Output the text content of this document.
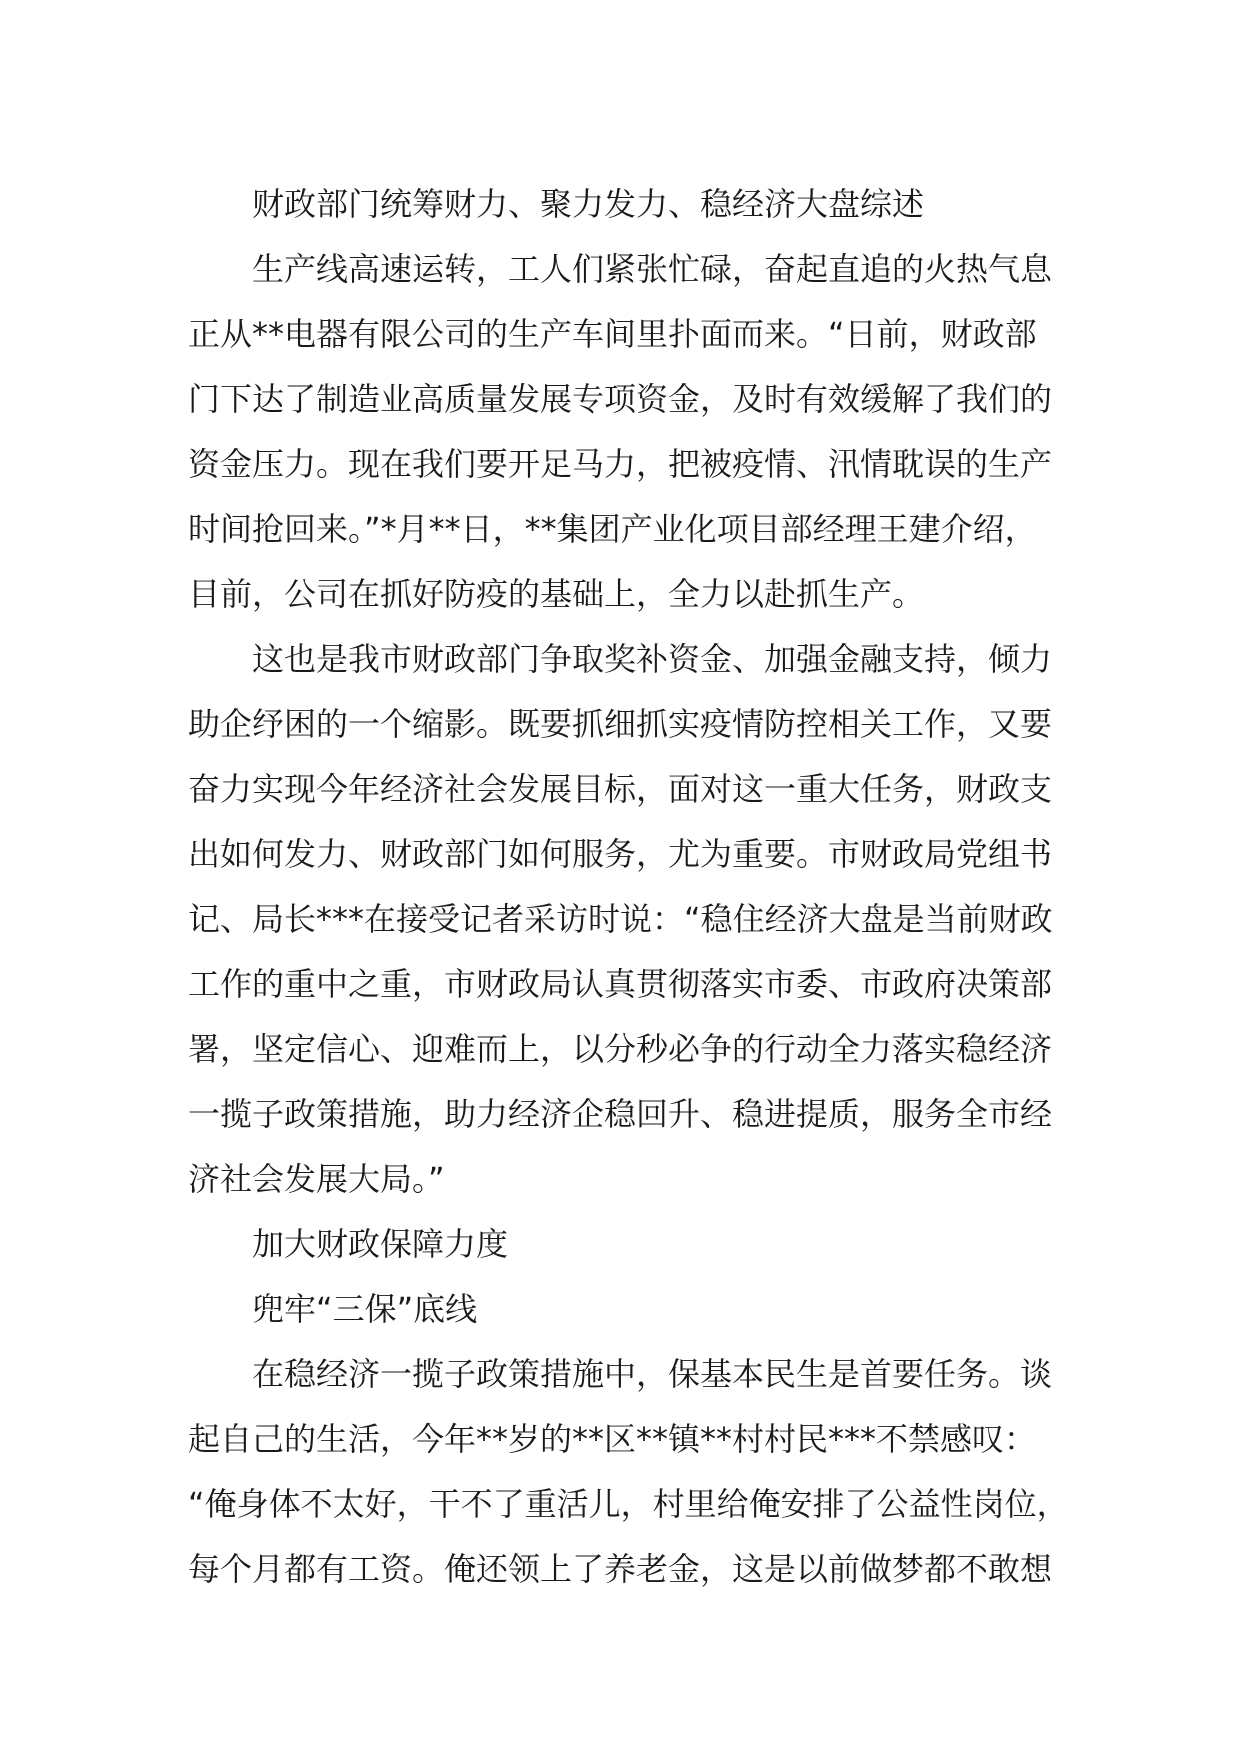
财政部门统筹财力、聚力发力、稳经济大盘综述
生产线高速运转，工人们紧张忙碌，奋起直追的火热气息
正从**电器有限公司的生产车间里扑面而来。“日前，财政部
门下达了制造业高质量发展专项资金，及时有效缓解了我们的
资金压力。现在我们要开足马力，把被疫情、汛情耽误的生产
时间抢回来。”*月**日，**集团产业化项目部经理王建介绍，
目前，公司在抓好防疫的基础上，全力以赴抓生产。
这也是我市财政部门争取奖补资金、加强金融支持，倾力
助企纾困的一个缩影。既要抓细抓实疫情防控相关工作，又要
奋力实现今年经济社会发展目标，面对这一重大任务，财政支
出如何发力、财政部门如何服务，尤为重要。市财政局党组书
记、局长***在接受记者采访时说：“稳住经济大盘是当前财政
工作的重中之重，市财政局认真贯彻落实市委、市政府决策部
署，坚定信心、迎难而上，以分秒必争的行动全力落实稳经济
一揽子政策措施，助力经济企稳回升、稳进提质，服务全市经
济社会发展大局。”
加大财政保障力度
兜牢“三保”底线
在稳经济一揽子政策措施中，保基本民生是首要任务。谈
起自己的生活，今年**岁的**区**镇**村村民***不禁感叹：
“俺身体不太好，干不了重活儿，村里给俺安排了公益性岗位，
每个月都有工资。俺还领上了养老金，这是以前做梦都不敢想
